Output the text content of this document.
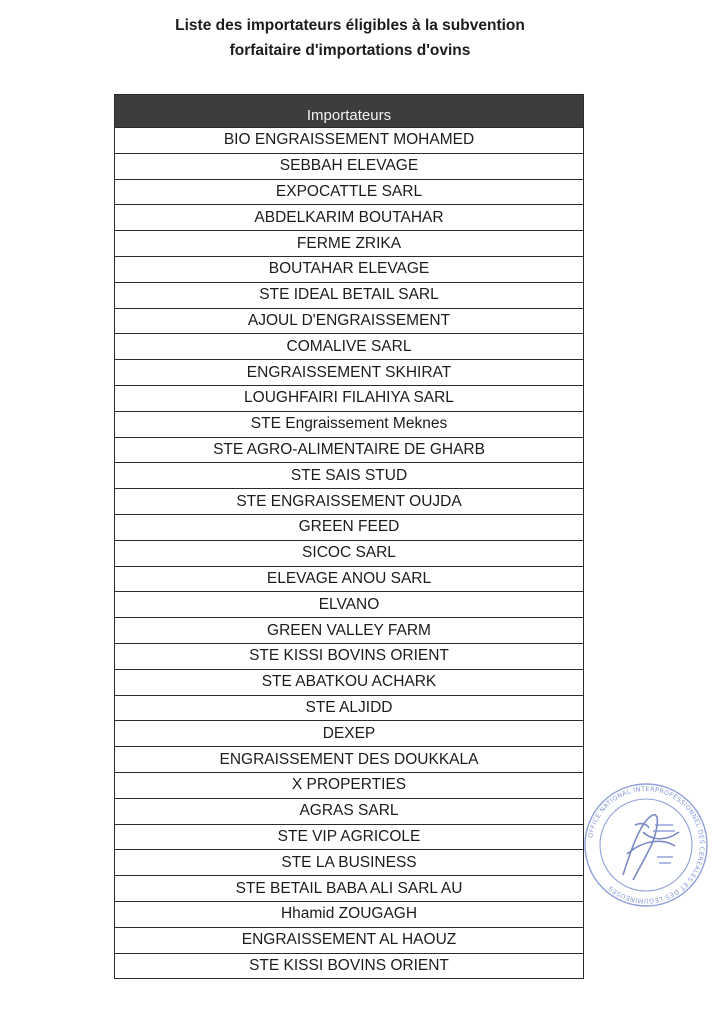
Liste des importateurs éligibles à la subvention
forfaitaire d'importations d'ovins
Importateurs
BIO ENGRAISSEMENT MOHAMED
SEBBAH ELEVAGE
EXPOCATTLE SARL
ABDELKARIM BOUTAHAR
FERME ZRIKA
BOUTAHAR ELEVAGE
STE IDEAL BETAIL SARL
AJOUL D'ENGRAISSEMENT
COMALIVE SARL
ENGRAISSEMENT SKHIRAT
LOUGHFAIRI FILAHIYA SARL
STE Engraissement Meknes
STE AGRO-ALIMENTAIRE DE GHARB
STE SAIS STUD
STE ENGRAISSEMENT OUJDA
GREEN FEED
SICOC SARL
ELEVAGE ANOU SARL
ELVANO
GREEN VALLEY FARM
STE KISSI BOVINS ORIENT
STE ABATKOU ACHARK
STE ALJIDD
DEXEP
ENGRAISSEMENT DES DOUKKALA
X PROPERTIES
AGRAS SARL
STE VIP AGRICOLE
STE LA BUSINESS
STE BETAIL BABA ALI SARL AU
Hhamid ZOUGAGH
ENGRAISSEMENT AL HAOUZ
STE KISSI BOVINS ORIENT
OFFICE NATIONAL INTERPROFESSIONNEL DES CEREALES ET DES LEGUMINEUSES
